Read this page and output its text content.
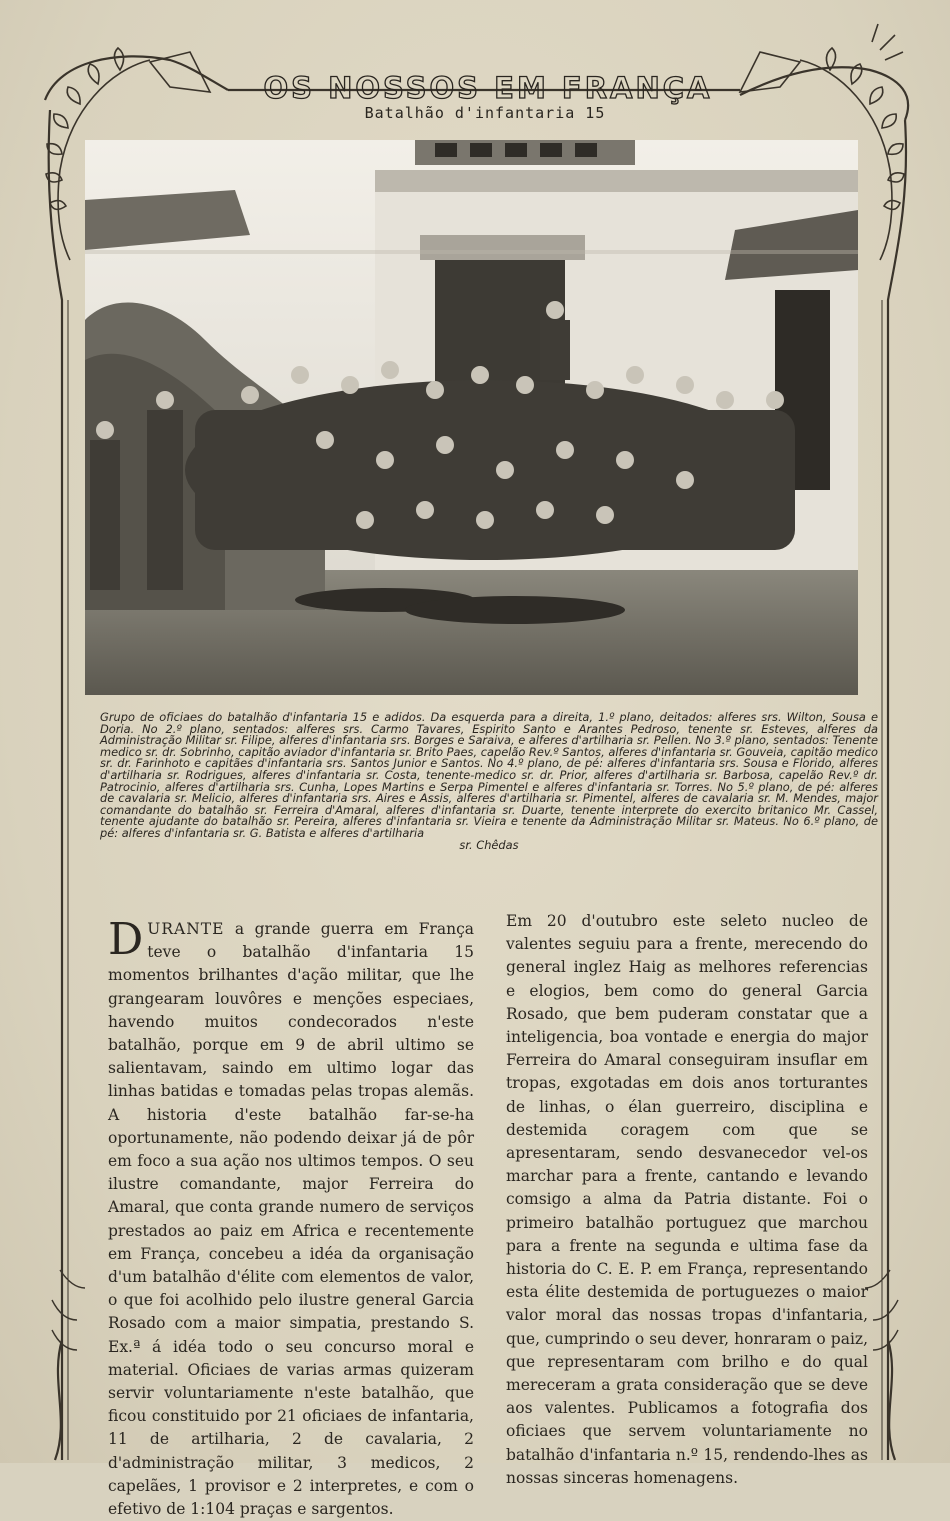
OS NOSSOS EM FRANÇA
Batalhão d'infantaria 15
Grupo de oficiaes do batalhão d'infantaria 15 e adidos. Da esquerda para a direita, 1.º plano, deitados: alferes srs. Wilton, Sousa e Doria. No 2.º plano, sentados: alferes srs. Carmo Tavares, Espirito Santo e Arantes Pedroso, tenente sr. Esteves, alferes da Administração Militar sr. Filipe, alferes d'infantaria srs. Borges e Saraiva, e alferes d'artilharia sr. Pellen. No 3.º plano, sentados: Tenente medico sr. dr. Sobrinho, capitão aviador d'infantaria sr. Brito Paes, capelão Rev.º Santos, alferes d'infantaria sr. Gouveia, capitão medico sr. dr. Farinhoto e capitães d'infantaria srs. Santos Junior e Santos. No 4.º plano, de pé: alferes d'infantaria srs. Sousa e Florido, alferes d'artilharia sr. Rodrigues, alferes d'infantaria sr. Costa, tenente-medico sr. dr. Prior, alferes d'artilharia sr. Barbosa, capelão Rev.º dr. Patrocinio, alferes d'artilharia srs. Cunha, Lopes Martins e Serpa Pimentel e alferes d'infantaria sr. Torres. No 5.º plano, de pé: alferes de cavalaria sr. Melicio, alferes d'infantaria srs. Aires e Assis, alferes d'artilharia sr. Pimentel, alferes de cavalaria sr. M. Mendes, major comandante do batalhão sr. Ferreira d'Amaral, alferes d'infantaria sr. Duarte, tenente interprete do exercito britanico Mr. Cassel, tenente ajudante do batalhão sr. Pereira, alferes d'infantaria sr. Vieira e tenente da Administração Militar sr. Mateus. No 6.º plano, de pé: alferes d'infantaria sr. G. Batista e alferes d'artilharia
sr. Chêdas

D URANTE a grande guerra em França teve o batalhão d'infantaria 15 momentos brilhantes d'ação militar, que lhe grangearam louvôres e menções especiaes, havendo muitos condecorados n'este batalhão, porque em 9 de abril ultimo se salientavam, saindo em ultimo logar das linhas batidas e tomadas pelas tropas alemãs. A historia d'este batalhão far-se-ha oportunamente, não podendo deixar já de pôr em foco a sua ação nos ultimos tempos. O seu ilustre comandante, major Ferreira do Amaral, que conta grande numero de serviços prestados ao paiz em Africa e recentemente em França, concebeu a idéa da organisação d'um batalhão d'élite com elementos de valor, o que foi acolhido pelo ilustre general Garcia Rosado com a maior simpatia, prestando S. Ex.ª á idéa todo o seu concurso moral e material. Oficiaes de varias armas quizeram servir voluntariamente n'este batalhão, que ficou constituido por 21 oficiaes de infantaria, 11 de artilharia, 2 de cavalaria, 2 d'administração militar, 3 medicos, 2 capelães, 1 provisor e 2 interpretes, e com o efetivo de 1:104 praças e sargentos.

Em 20 d'outubro este seleto nucleo de valentes seguiu para a frente, merecendo do general inglez Haig as melhores referencias e elogios, bem como do general Garcia Rosado, que bem puderam constatar que a inteligencia, boa vontade e energia do major Ferreira do Amaral conseguiram insuflar em tropas, exgotadas em dois anos torturantes de linhas, o élan guerreiro, disciplina e destemida coragem com que se apresentaram, sendo desvanecedor vel-os marchar para a frente, cantando e levando comsigo a alma da Patria distante. Foi o primeiro batalhão portuguez que marchou para a frente na segunda e ultima fase da historia do C. E. P. em França, representando esta élite destemida de portuguezes o maior valor moral das nossas tropas d'infantaria, que, cumprindo o seu dever, honraram o paiz, que representaram com brilho e do qual mereceram a grata consideração que se deve aos valentes. Publicamos a fotografia dos oficiaes que servem voluntariamente no batalhão d'infantaria n.º 15, rendendo-lhes as nossas sinceras homenagens.
